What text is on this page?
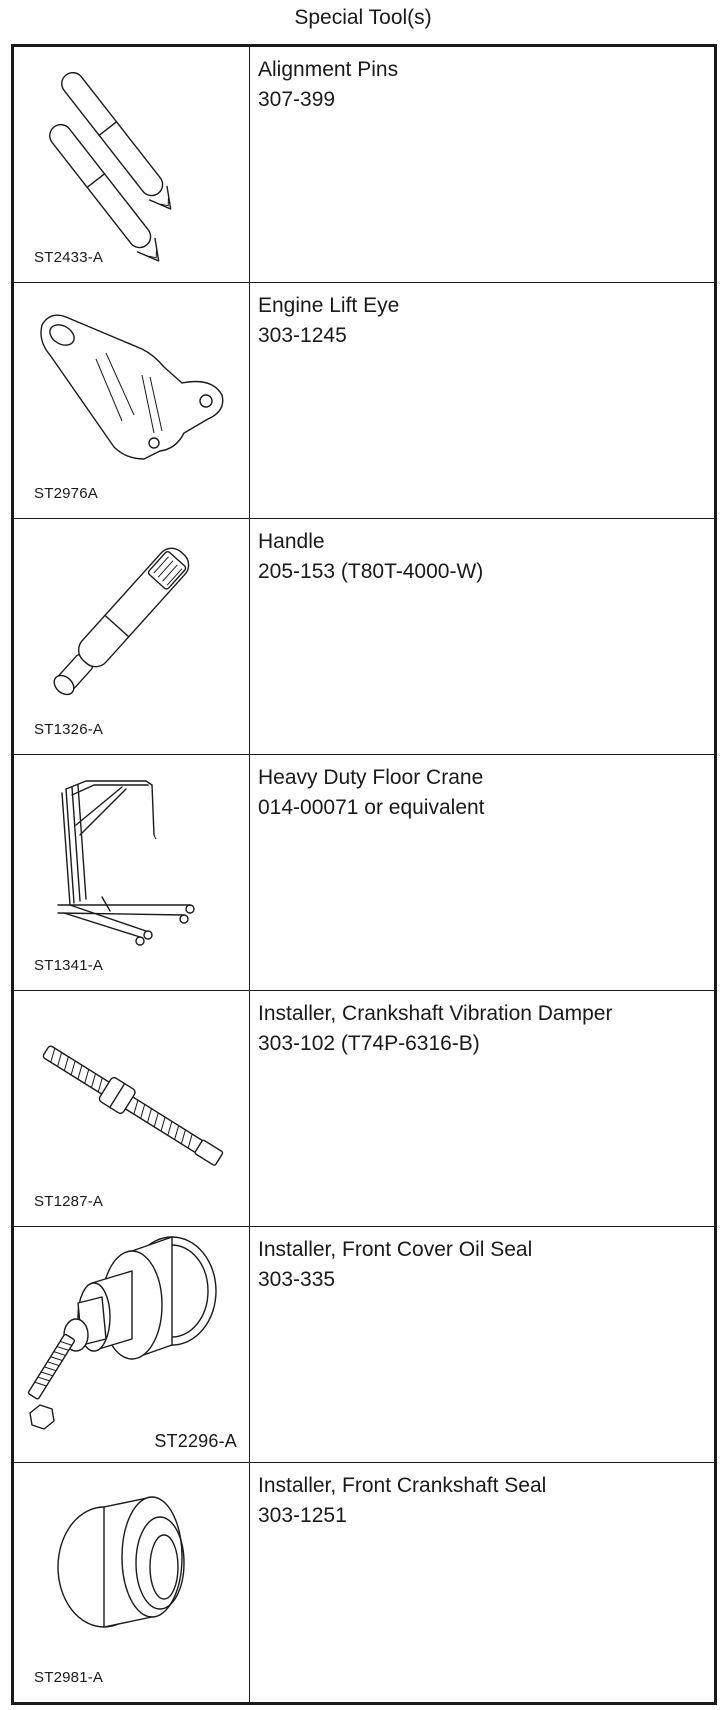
Special Tool(s)
ST2433-A
Alignment Pins
307-399
ST2976A
Engine Lift Eye
303-1245
ST1326-A
Handle
205-153 (T80T-4000-W)
ST1341-A
Heavy Duty Floor Crane
014-00071 or equivalent
ST1287-A
Installer, Crankshaft Vibration Damper
303-102 (T74P-6316-B)
ST2296-A
Installer, Front Cover Oil Seal
303-335
ST2981-A
Installer, Front Crankshaft Seal
303-1251
